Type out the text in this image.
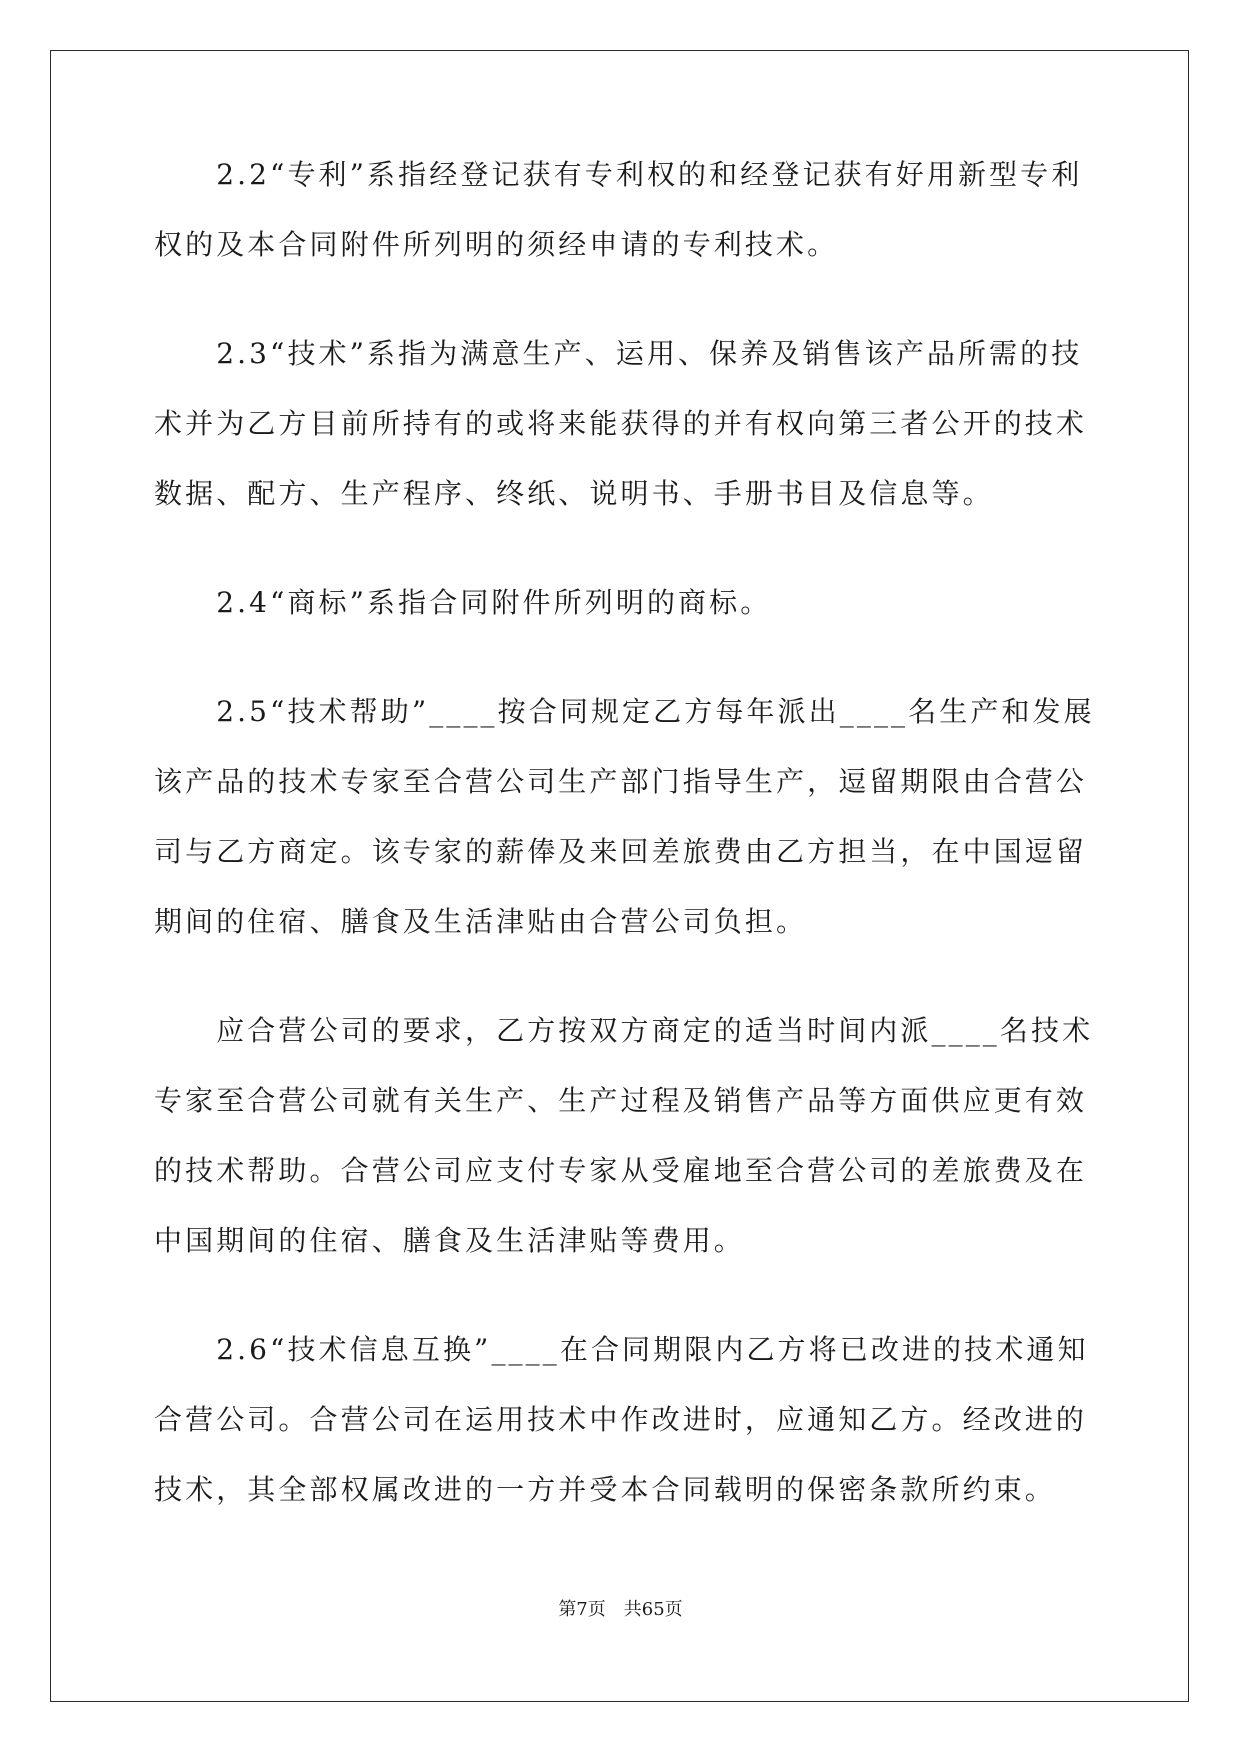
　　2.2“专利”系指经登记获有专利权的和经登记获有好用新型专利
权的及本合同附件所列明的须经申请的专利技术。
　　2.3“技术”系指为满意生产、运用、保养及销售该产品所需的技
术并为乙方目前所持有的或将来能获得的并有权向第三者公开的技术
数据、配方、生产程序、终纸、说明书、手册书目及信息等。
　　2.4“商标”系指合同附件所列明的商标。
　　2.5“技术帮助”____按合同规定乙方每年派出____名生产和发展
该产品的技术专家至合营公司生产部门指导生产，逗留期限由合营公
司与乙方商定。该专家的薪俸及来回差旅费由乙方担当，在中国逗留
期间的住宿、膳食及生活津贴由合营公司负担。
　　应合营公司的要求，乙方按双方商定的适当时间内派____名技术
专家至合营公司就有关生产、生产过程及销售产品等方面供应更有效
的技术帮助。合营公司应支付专家从受雇地至合营公司的差旅费及在
中国期间的住宿、膳食及生活津贴等费用。
　　2.6“技术信息互换”____在合同期限内乙方将已改进的技术通知
合营公司。合营公司在运用技术中作改进时，应通知乙方。经改进的
技术，其全部权属改进的一方并受本合同载明的保密条款所约束。
第7页　共65页
